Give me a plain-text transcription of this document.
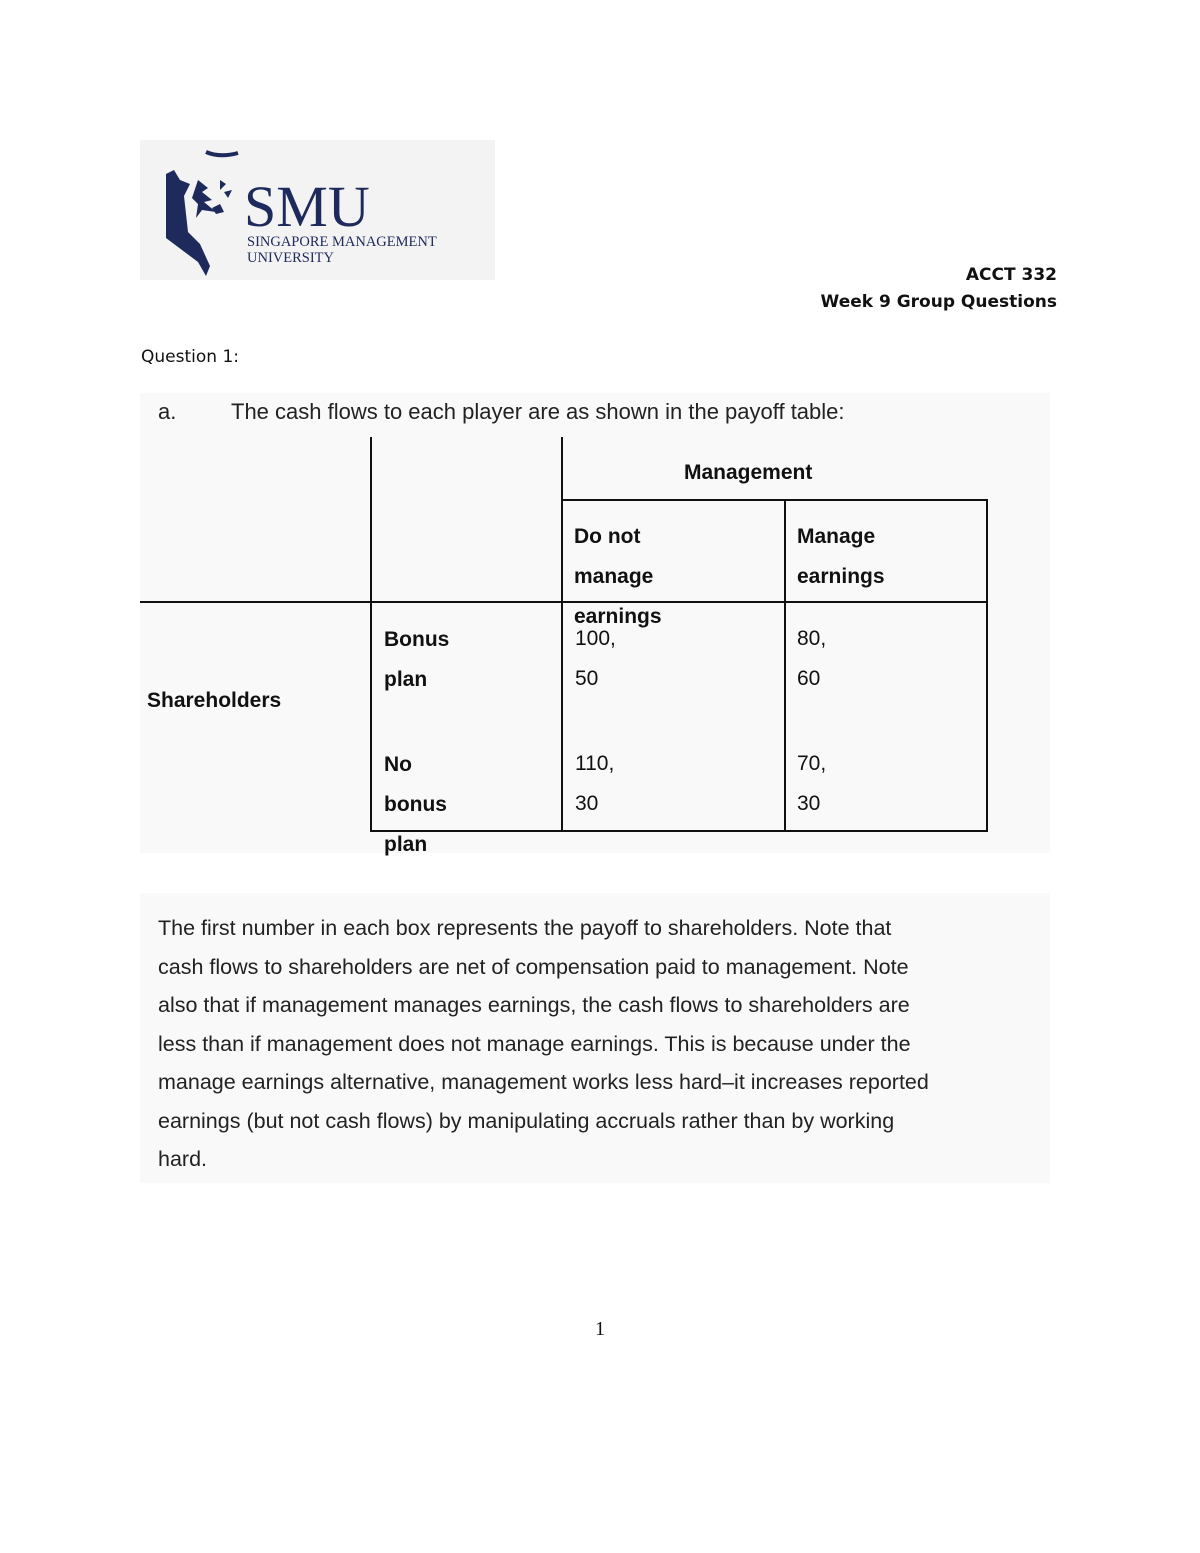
SMU
SINGAPORE MANAGEMENT
UNIVERSITY
ACCT 332
Week 9 Group Questions
Question 1:
a. The cash flows to each player are as shown in the payoff table:
Management
Do not manage
earnings
Manage
earnings
Shareholders
Bonus plan
100, 50
80, 60
No bonus
plan
110, 30
70, 30
The first number in each box represents the payoff to shareholders. Note that
cash flows to shareholders are net of compensation paid to management. Note
also that if management manages earnings, the cash flows to shareholders are
less than if management does not manage earnings. This is because under the
manage earnings alternative, management works less hard–it increases reported
earnings (but not cash flows) by manipulating accruals rather than by working
hard.
1
